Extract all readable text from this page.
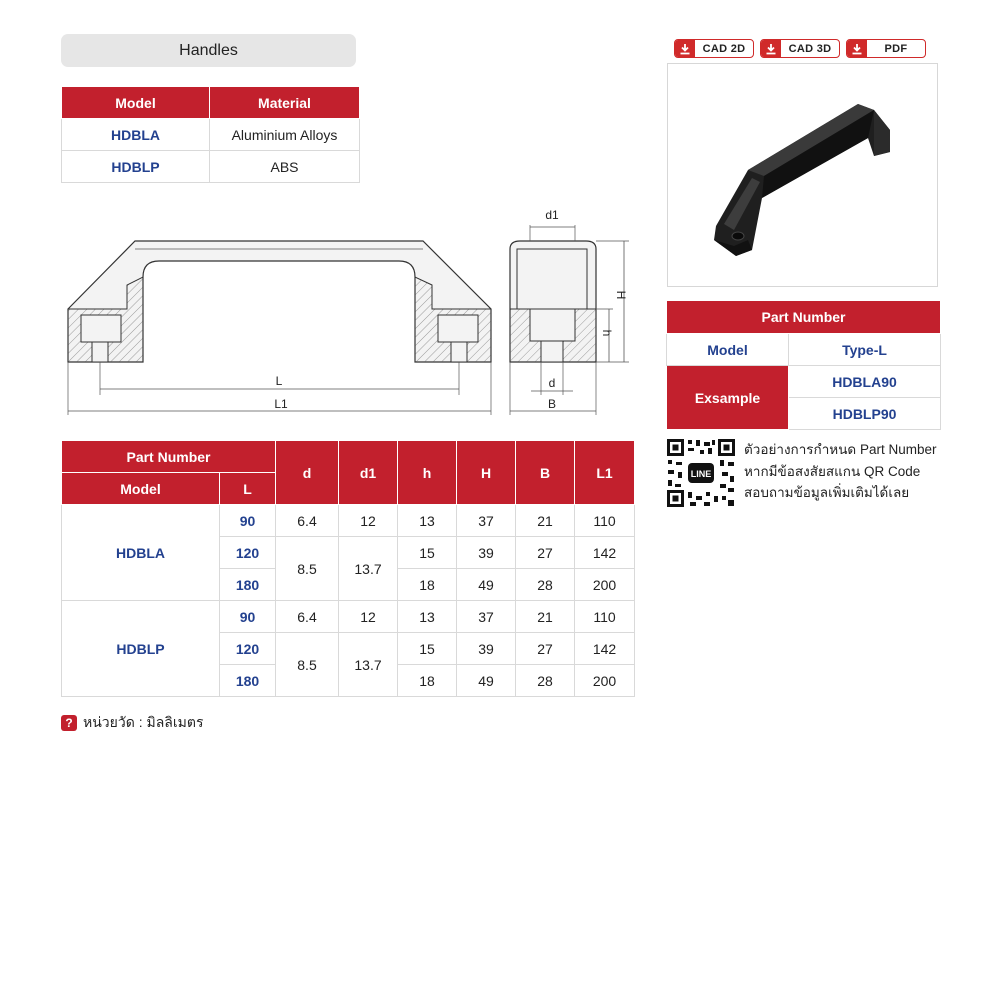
Handles
Model	Material
HDBLA	Aluminium Alloys
HDBLP	ABS
L
L1
d1
d
B
H
h
Part Number		d	d1	h	H	B	L1
Model	L						
HDBLA	90	6.4	12	13	37	21	110
	120	8.5	13.7	15	39	27	142
	180			18	49	28	200
HDBLP	90	6.4	12	13	37	21	110
	120	8.5	13.7	15	39	27	142
	180			18	49	28	200
? หน่วยวัด : มิลลิเมตร
CAD 2D	CAD 3D	PDF
Part Number	
Model	Type-L
Exsample	HDBLA90
	HDBLP90
LINE
ตัวอย่างการกำหนด Part Number
หากมีข้อสงสัยสแกน QR Code
สอบถามข้อมูลเพิ่มเติมได้เลย
